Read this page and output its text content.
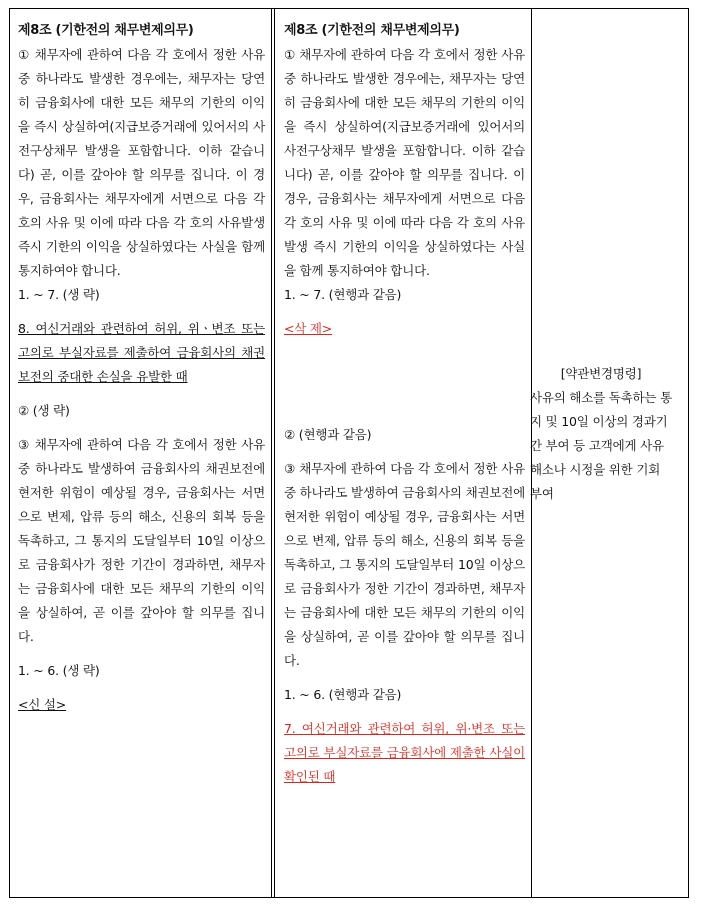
제8조 (기한전의 채무변제의무)
① 채무자에 관하여 다음 각 호에서 정한 사유중 하나라도 발생한 경우에는, 채무자는 당연히 금융회사에 대한 모든 채무의 기한의 이익을 즉시 상실하여(지급보증거래에 있어서의 사전구상채무 발생을 포함합니다. 이하 같습니다) 곧, 이를 갚아야 할 의무를 집니다. 이 경우, 금융회사는 채무자에게 서면으로 다음 각 호의 사유 및 이에 따라 다음 각 호의 사유발생 즉시 기한의 이익을 상실하였다는 사실을 함께 통지하여야 합니다.
1. ~ 7. (생 략)
8. 여신거래와 관련하여 허위, 위ㆍ변조 또는 고의로 부실자료를 제출하여 금융회사의 채권보전의 중대한 손실을 유발한 때
② (생 략)
③ 채무자에 관하여 다음 각 호에서 정한 사유중 하나라도 발생하여 금융회사의 채권보전에 현저한 위험이 예상될 경우, 금융회사는 서면으로 변제, 압류 등의 해소, 신용의 회복 등을 독촉하고, 그 통지의 도달일부터 10일 이상으로 금융회사가 정한 기간이 경과하면, 채무자는 금융회사에 대한 모든 채무의 기한의 이익을 상실하여, 곧 이를 갚아야 할 의무를 집니다.
1. ~ 6. (생 략)
<신 설>
제8조 (기한전의 채무변제의무)
① 채무자에 관하여 다음 각 호에서 정한 사유중 하나라도 발생한 경우에는, 채무자는 당연히 금융회사에 대한 모든 채무의 기한의 이익을 즉시 상실하여(지급보증거래에 있어서의 사전구상채무 발생을 포함합니다. 이하 같습니다) 곧, 이를 갚아야 할 의무를 집니다. 이 경우, 금융회사는 채무자에게 서면으로 다음 각 호의 사유 및 이에 따라 다음 각 호의 사유발생 즉시 기한의 이익을 상실하였다는 사실을 함께 통지하여야 합니다.
1. ~ 7. (현행과 같음)
<삭 제>
② (현행과 같음)
③ 채무자에 관하여 다음 각 호에서 정한 사유중 하나라도 발생하여 금융회사의 채권보전에 현저한 위험이 예상될 경우, 금융회사는 서면으로 변제, 압류 등의 해소, 신용의 회복 등을 독촉하고, 그 통지의 도달일부터 10일 이상으로 금융회사가 정한 기간이 경과하면, 채무자는 금융회사에 대한 모든 채무의 기한의 이익을 상실하여, 곧 이를 갚아야 할 의무를 집니다.
1. ~ 6. (현행과 같음)
7. 여신거래와 관련하여 허위, 위·변조 또는 고의로 부실자료를 금융회사에 제출한 사실이 확인된 때
[약관변경명령]
사유의 해소를 독촉하는 통지 및 10일 이상의 경과기간 부여 등 고객에게 사유해소나 시정을 위한 기회 부여
